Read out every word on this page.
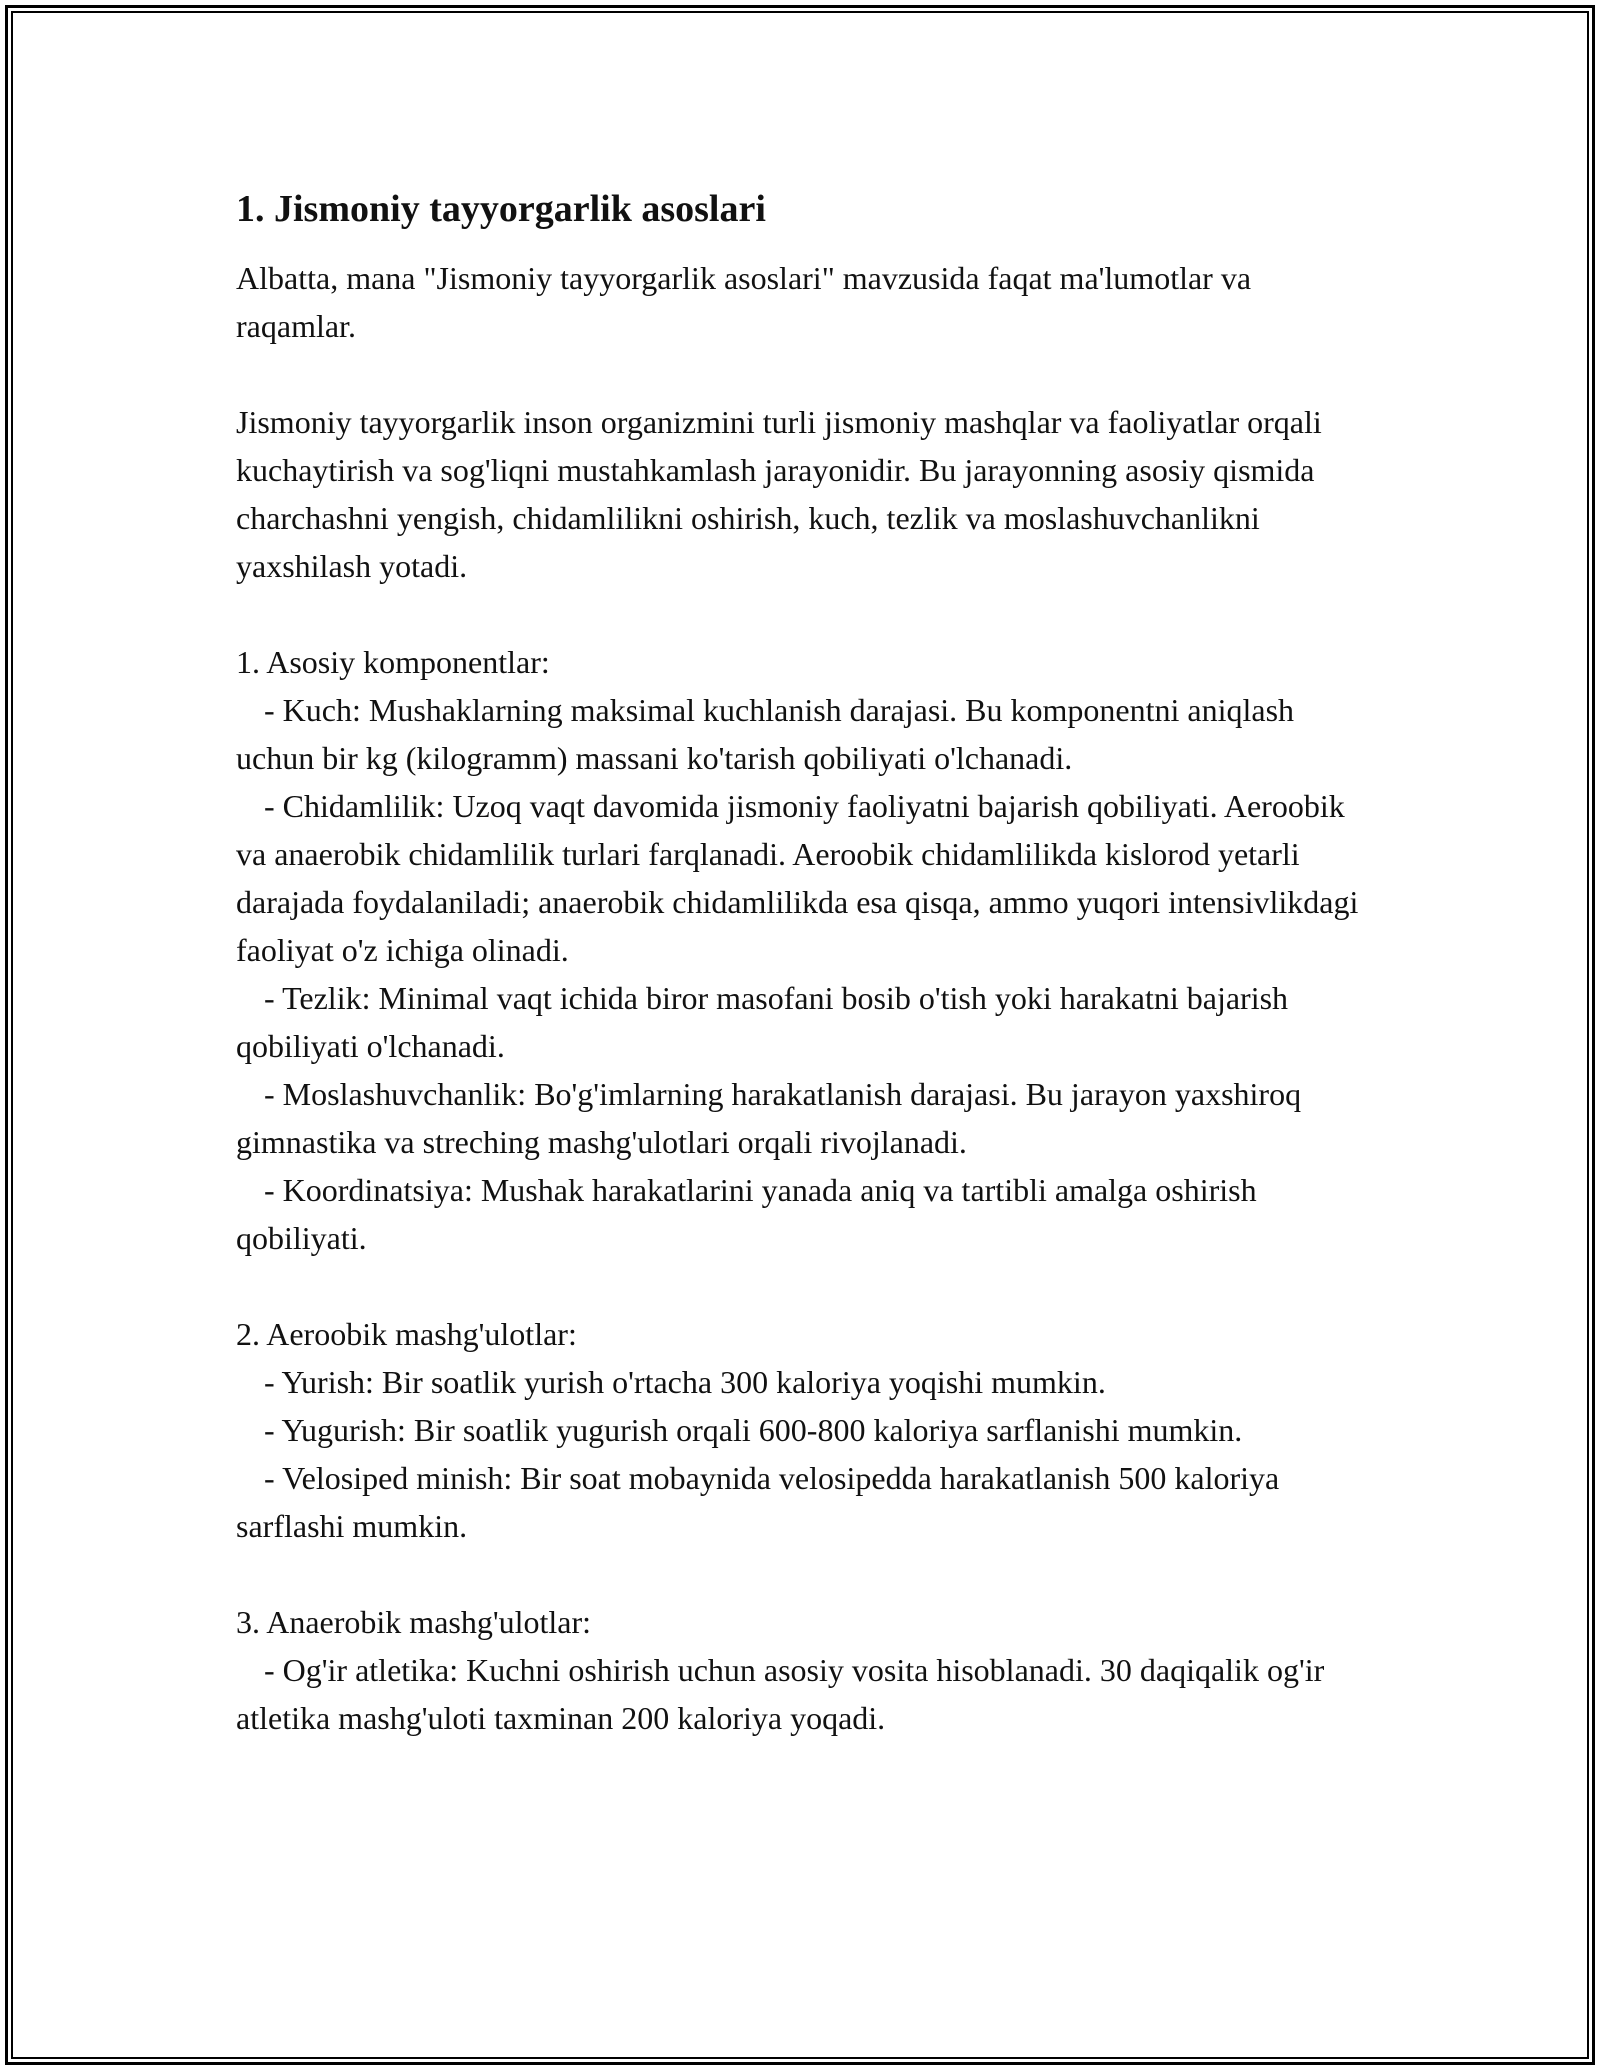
1. Jismoniy tayyorgarlik asoslari

Albatta, mana "Jismoniy tayyorgarlik asoslari" mavzusida faqat ma'lumotlar va raqamlar.

Jismoniy tayyorgarlik inson organizmini turli jismoniy mashqlar va faoliyatlar orqali kuchaytirish va sog'liqni mustahkamlash jarayonidir. Bu jarayonning asosiy qismida charchashni yengish, chidamlilikni oshirish, kuch, tezlik va moslashuvchanlikni yaxshilash yotadi.

1. Asosiy komponentlar:
- Kuch: Mushaklarning maksimal kuchlanish darajasi. Bu komponentni aniqlash uchun bir kg (kilogramm) massani ko'tarish qobiliyati o'lchanadi.
- Chidamlilik: Uzoq vaqt davomida jismoniy faoliyatni bajarish qobiliyati. Aeroobik va anaerobik chidamlilik turlari farqlanadi. Aeroobik chidamlilikda kislorod yetarli darajada foydalaniladi; anaerobik chidamlilikda esa qisqa, ammo yuqori intensivlikdagi faoliyat o'z ichiga olinadi.
- Tezlik: Minimal vaqt ichida biror masofani bosib o'tish yoki harakatni bajarish qobiliyati o'lchanadi.
- Moslashuvchanlik: Bo'g'imlarning harakatlanish darajasi. Bu jarayon yaxshiroq gimnastika va streching mashg'ulotlari orqali rivojlanadi.
- Koordinatsiya: Mushak harakatlarini yanada aniq va tartibli amalga oshirish qobiliyati.
2. Aeroobik mashg'ulotlar:
- Yurish: Bir soatlik yurish o'rtacha 300 kaloriya yoqishi mumkin.
- Yugurish: Bir soatlik yugurish orqali 600-800 kaloriya sarflanishi mumkin.
- Velosiped minish: Bir soat mobaynida velosipedda harakatlanish 500 kaloriya sarflashi mumkin.
3. Anaerobik mashg'ulotlar:
- Og'ir atletika: Kuchni oshirish uchun asosiy vosita hisoblanadi. 30 daqiqalik og'ir atletika mashg'uloti taxminan 200 kaloriya yoqadi.
